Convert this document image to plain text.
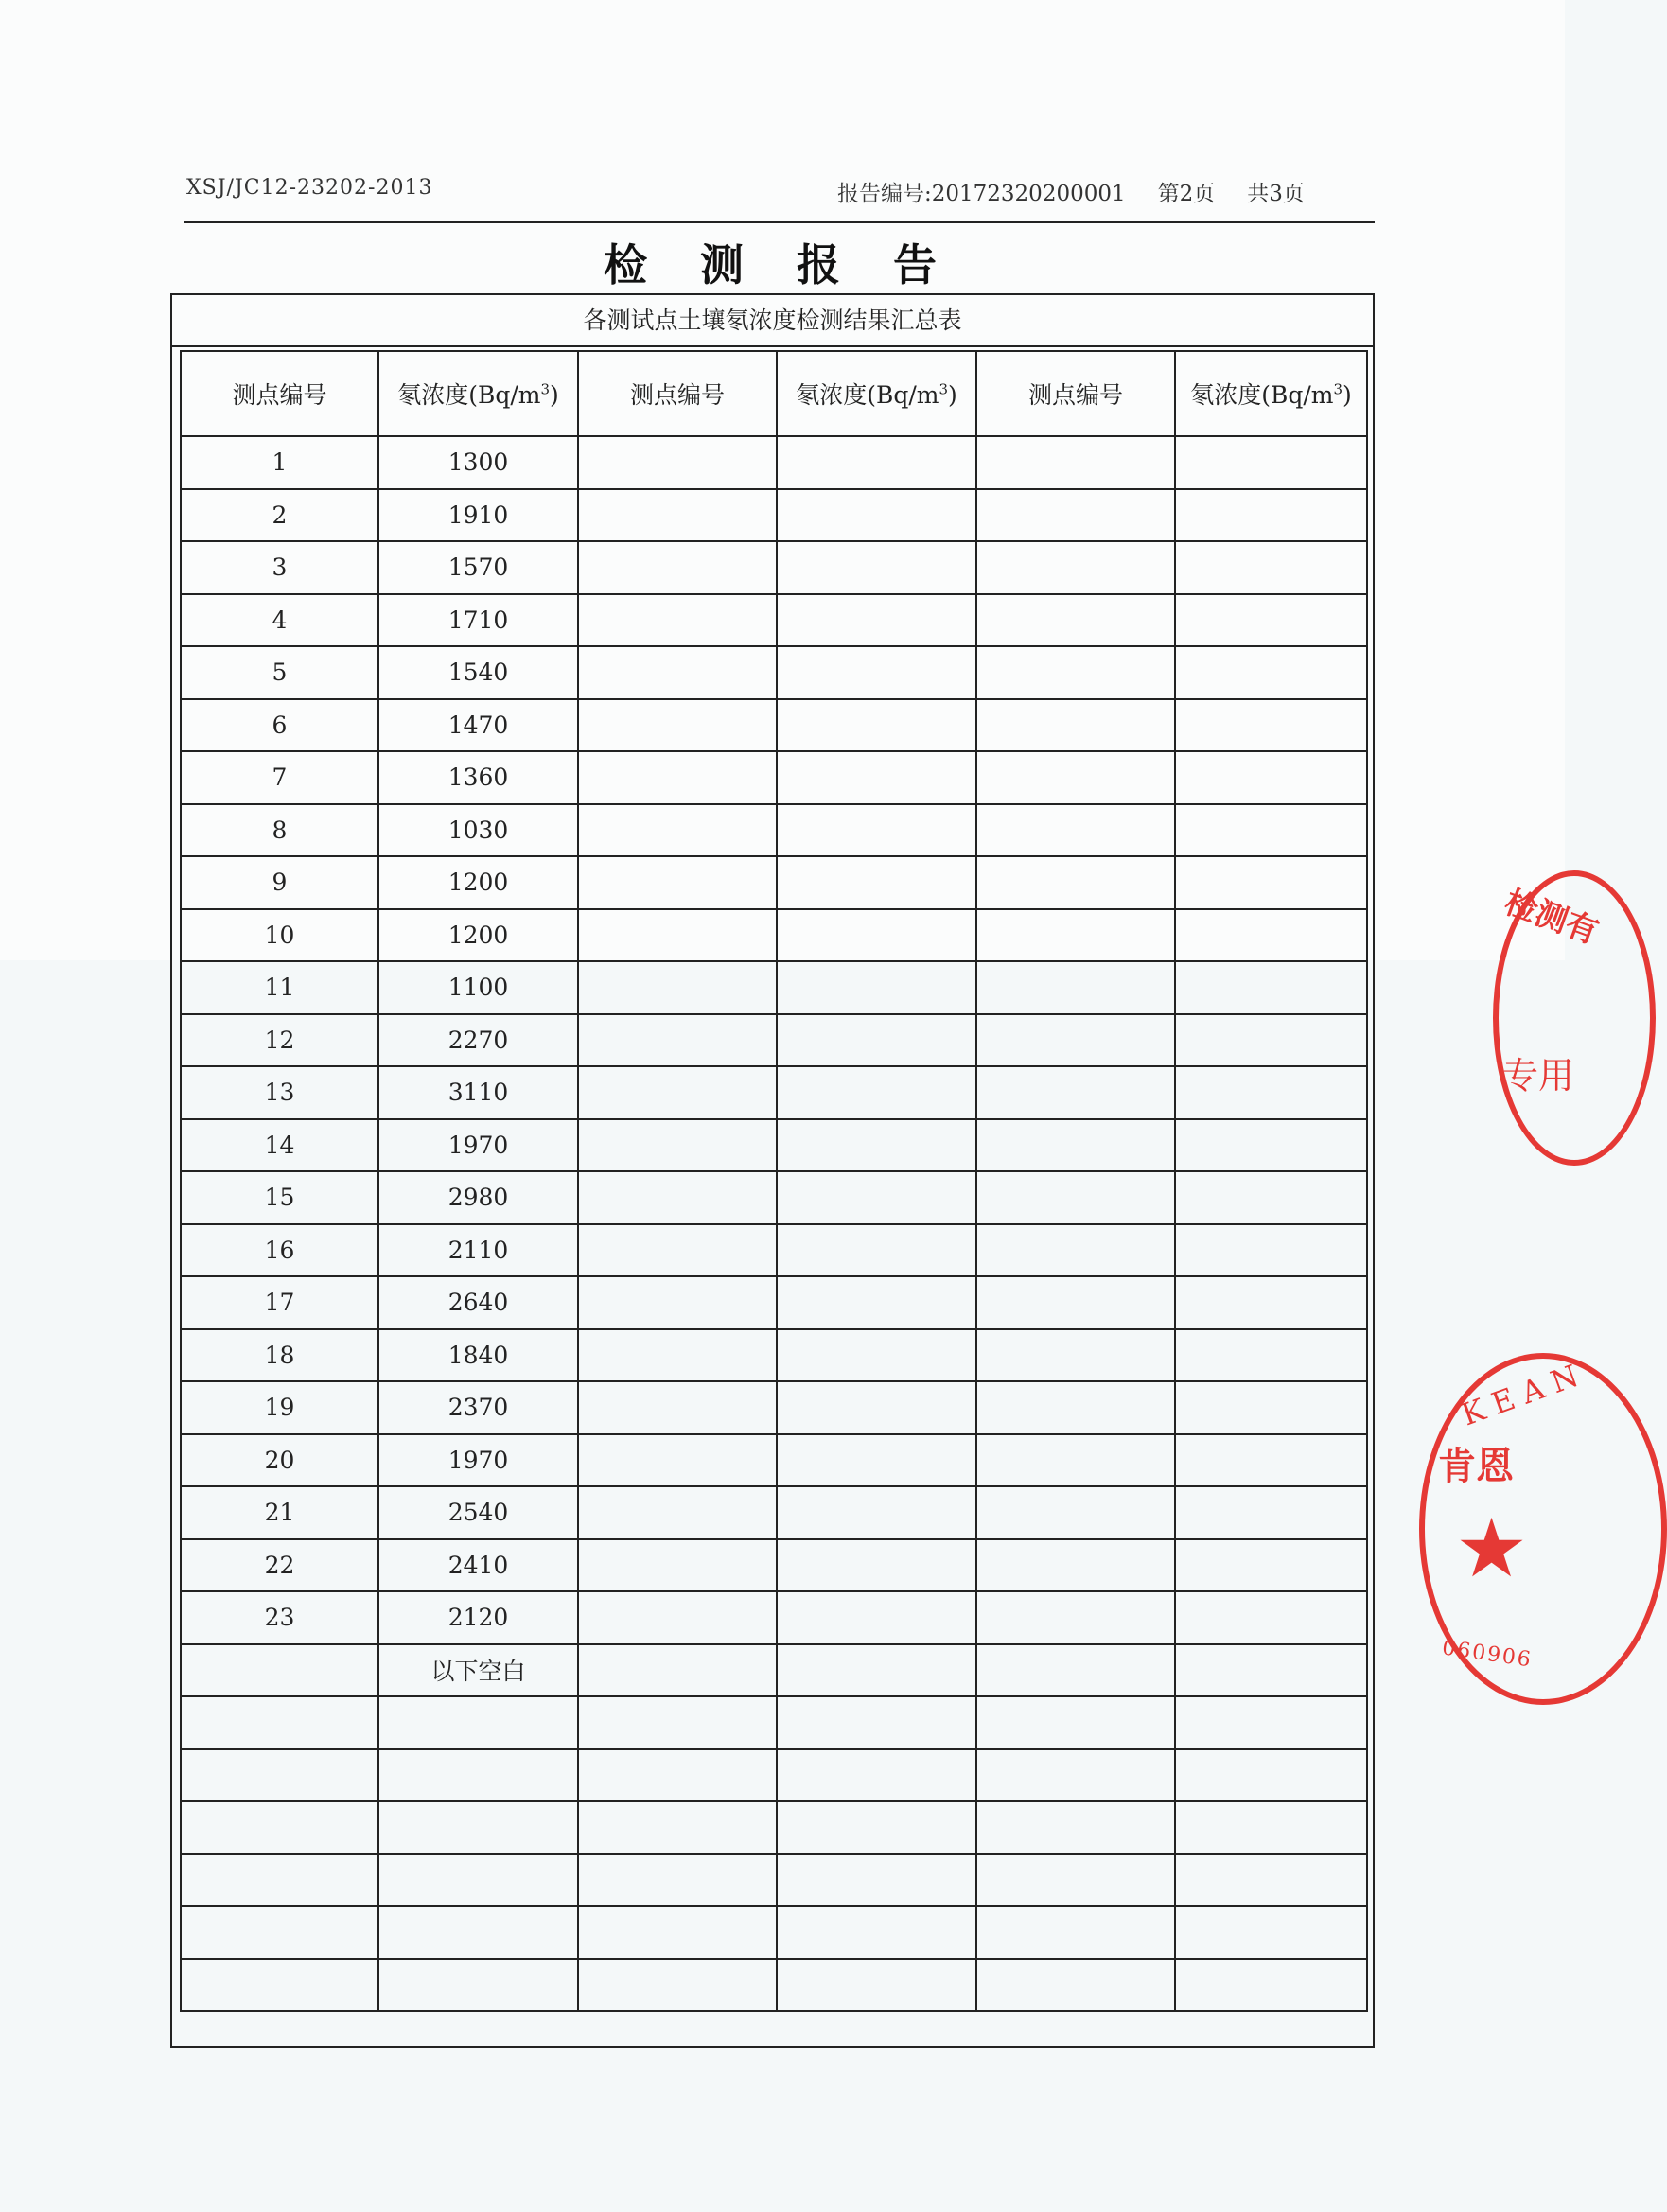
XSJ/JC12-23202-2013	报告编号:20172320200001 第2页 共3页
检 测 报 告
各测试点土壤氡浓度检测结果汇总表
测点编号	氡浓度$(Bq/m^3)$	测点编号	氡浓度$(Bq/m^3)$	测点编号	氡浓度$(Bq/m^3)$
1	1300				
2	1910				
3	1570				
4	1710				
5	1540				
6	1470				
7	1360				
8	1030				
9	1200				
10	1200				
11	1100				
12	2270				
13	3110				
14	1970				
15	2980				
16	2110				
17	2640				
18	1840				
19	2370				
20	1970				
21	2540				
22	2410				
23	2120				
	以下空白				

检测有
专用
KEAN
肯恩
★
060906
